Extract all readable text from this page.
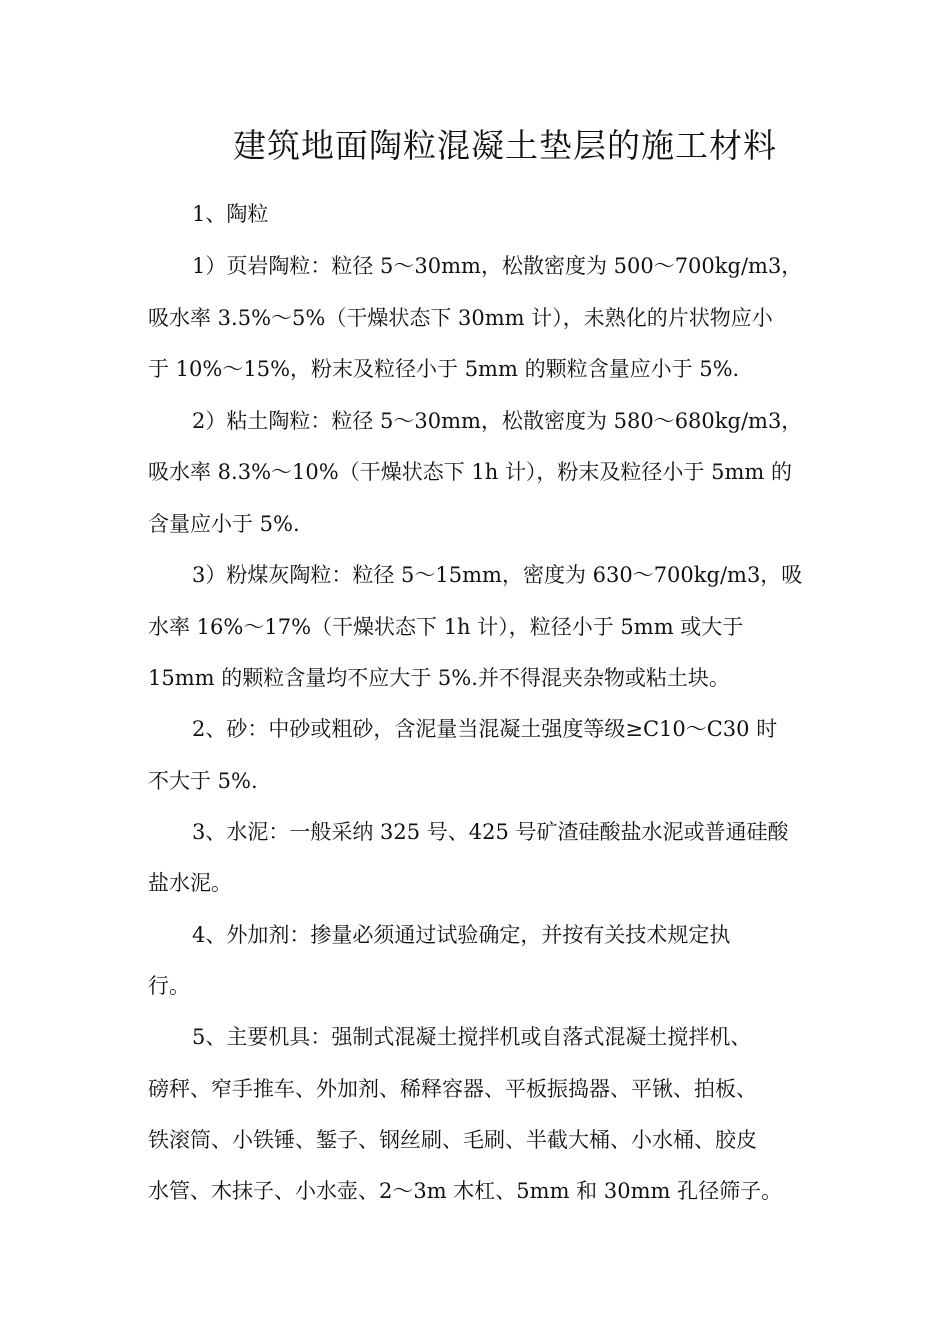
建筑地面陶粒混凝土垫层的施工材料
1、陶粒
1）页岩陶粒：粒径 5～30mm，松散密度为 500～700kg/m3，
吸水率 3.5%～5%（干燥状态下 30mm 计），未熟化的片状物应小
于 10%～15%，粉末及粒径小于 5mm 的颗粒含量应小于 5%.
2）粘土陶粒：粒径 5～30mm，松散密度为 580～680kg/m3，
吸水率 8.3%～10%（干燥状态下 1h 计），粉末及粒径小于 5mm 的
含量应小于 5%.
3）粉煤灰陶粒：粒径 5～15mm，密度为 630～700kg/m3，吸
水率 16%～17%（干燥状态下 1h 计），粒径小于 5mm 或大于
15mm 的颗粒含量均不应大于 5%.并不得混夹杂物或粘土块。
2、砂：中砂或粗砂，含泥量当混凝土强度等级≥C10～C30 时
不大于 5%.
3、水泥：一般采纳 325 号、425 号矿渣硅酸盐水泥或普通硅酸
盐水泥。
4、外加剂：掺量必须通过试验确定，并按有关技术规定执
行。
5、主要机具：强制式混凝土搅拌机或自落式混凝土搅拌机、
磅秤、窄手推车、外加剂、稀释容器、平板振捣器、平锹、拍板、
铁滚筒、小铁锤、錾子、钢丝刷、毛刷、半截大桶、小水桶、胶皮
水管、木抹子、小水壶、2～3m 木杠、5mm 和 30mm 孔径筛子。
